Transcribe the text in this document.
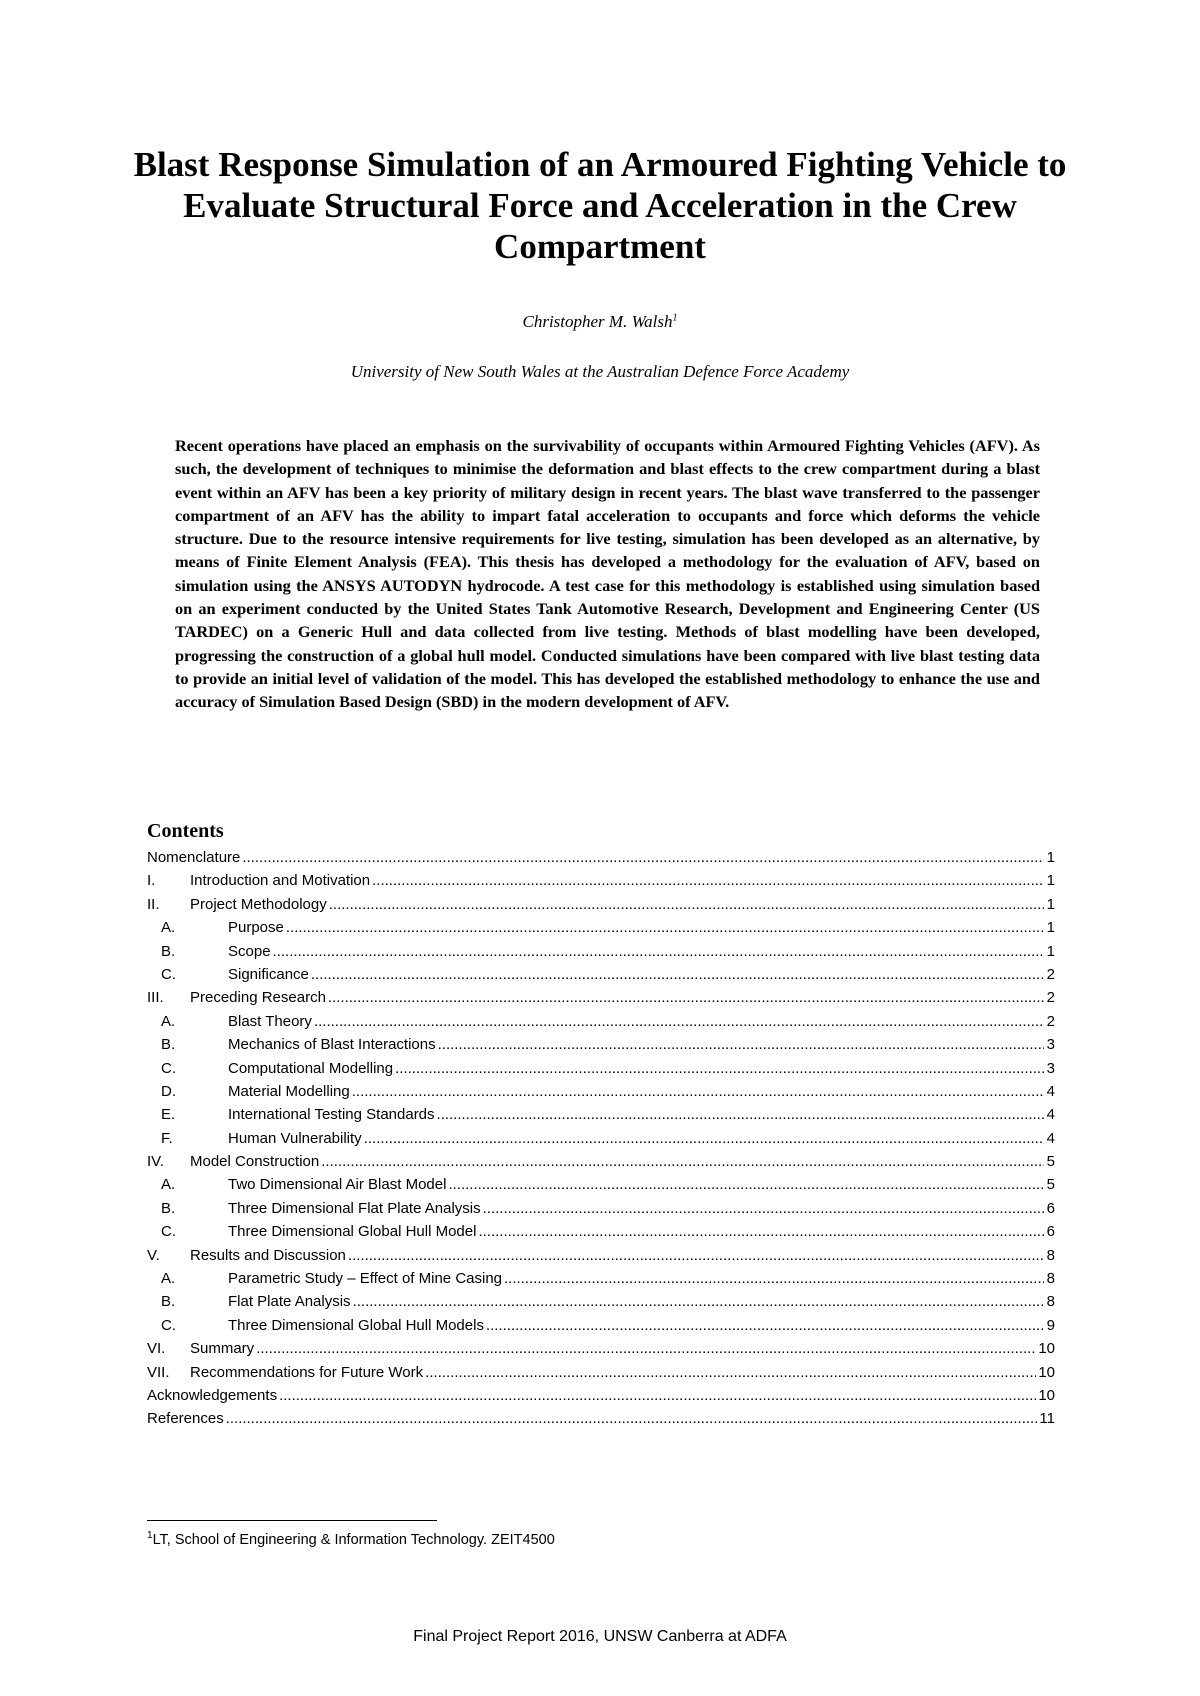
Blast Response Simulation of an Armoured Fighting Vehicle to Evaluate Structural Force and Acceleration in the Crew Compartment
Christopher M. Walsh$^1$
University of New South Wales at the Australian Defence Force Academy
Recent operations have placed an emphasis on the survivability of occupants within Armoured Fighting Vehicles (AFV). As such, the development of techniques to minimise the deformation and blast effects to the crew compartment during a blast event within an AFV has been a key priority of military design in recent years. The blast wave transferred to the passenger compartment of an AFV has the ability to impart fatal acceleration to occupants and force which deforms the vehicle structure. Due to the resource intensive requirements for live testing, simulation has been developed as an alternative, by means of Finite Element Analysis (FEA). This thesis has developed a methodology for the evaluation of AFV, based on simulation using the ANSYS AUTODYN hydrocode. A test case for this methodology is established using simulation based on an experiment conducted by the United States Tank Automotive Research, Development and Engineering Center (US TARDEC) on a Generic Hull and data collected from live testing. Methods of blast modelling have been developed, progressing the construction of a global hull model. Conducted simulations have been compared with live blast testing data to provide an initial level of validation of the model. This has developed the established methodology to enhance the use and accuracy of Simulation Based Design (SBD) in the modern development of AFV.
Contents
Nomenclature .....	1
I.	Introduction and Motivation .....	1
II.	Project Methodology .....	1
A.	Purpose .....	1
B.	Scope .....	1
C.	Significance .....	2
III.	Preceding Research .....	2
A.	Blast Theory .....	2
B.	Mechanics of Blast Interactions .....	3
C.	Computational Modelling .....	3
D.	Material Modelling .....	4
E.	International Testing Standards .....	4
F.	Human Vulnerability .....	4
IV.	Model Construction .....	5
A.	Two Dimensional Air Blast Model .....	5
B.	Three Dimensional Flat Plate Analysis .....	6
C.	Three Dimensional Global Hull Model .....	6
V.	Results and Discussion .....	8
A.	Parametric Study – Effect of Mine Casing .....	8
B.	Flat Plate Analysis .....	8
C.	Three Dimensional Global Hull Models .....	9
VI.	Summary .....	10
VII.	Recommendations for Future Work .....	10
Acknowledgements .....	10
References .....	11
$^1$LT, School of Engineering & Information Technology. ZEIT4500
Final Project Report 2016, UNSW Canberra at ADFA
